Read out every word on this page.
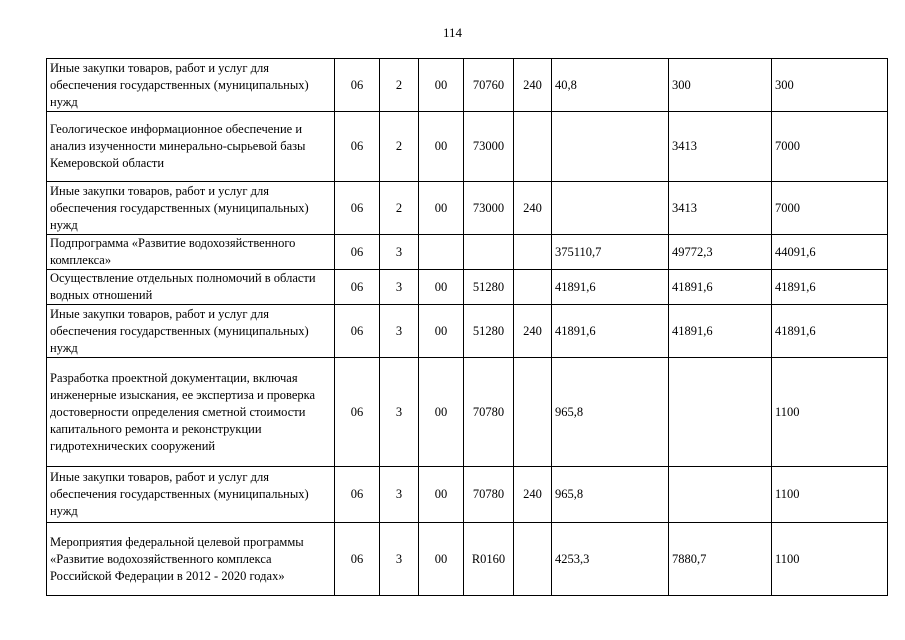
114
Иные закупки товаров, работ и услуг для обеспечения государственных (муниципальных) нужд	06	2	00	70760	240	40,8	300	300
Геологическое информационное обеспечение и анализ изученности минерально-сырьевой базы Кемеровской области	06	2	00	73000			3413	7000
Иные закупки товаров, работ и услуг для обеспечения государственных (муниципальных) нужд	06	2	00	73000	240		3413	7000
Подпрограмма «Развитие водохозяйственного комплекса»	06	3				375110,7	49772,3	44091,6
Осуществление отдельных полномочий в области водных отношений	06	3	00	51280		41891,6	41891,6	41891,6
Иные закупки товаров, работ и услуг для обеспечения государственных (муниципальных) нужд	06	3	00	51280	240	41891,6	41891,6	41891,6
Разработка проектной документации, включая инженерные изыскания, ее экспертиза и проверка достоверности определения сметной стоимости капитального ремонта и реконструкции гидротехнических сооружений	06	3	00	70780		965,8		1100
Иные закупки товаров, работ и услуг для обеспечения государственных (муниципальных) нужд	06	3	00	70780	240	965,8		1100
Мероприятия федеральной целевой программы «Развитие водохозяйственного комплекса Российской Федерации в 2012 - 2020 годах»	06	3	00	R0160		4253,3	7880,7	1100
